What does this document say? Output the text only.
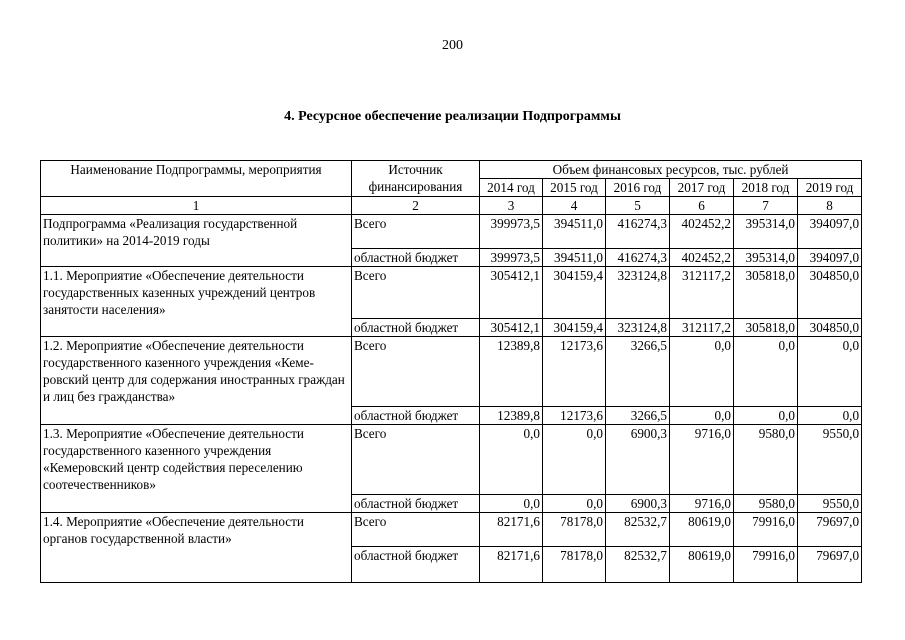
200
4. Ресурсное обеспечение реализации Подпрограммы
Наименование Подпрограммы, мероприятия	Источник финансирования	Объем финансовых ресурсов, тыс. рублей					
		2014 год	2015 год	2016 год	2017 год	2018 год	2019 год
1	2	3	4	5	6	7	8
Подпрограмма «Реализация государственной политики» на 2014-2019 годы	Всего	399973,5	394511,0	416274,3	402452,2	395314,0	394097,0
	областной бюджет	399973,5	394511,0	416274,3	402452,2	395314,0	394097,0
1.1. Мероприятие «Обеспечение деятельности государственных казенных учреждений центров занятости населения»	Всего	305412,1	304159,4	323124,8	312117,2	305818,0	304850,0
	областной бюджет	305412,1	304159,4	323124,8	312117,2	305818,0	304850,0
1.2. Мероприятие «Обеспечение деятельности государственного казенного учреждения «Кеме-ровский центр для содержания иностранных граждан и лиц без гражданства»	Всего	12389,8	12173,6	3266,5	0,0	0,0	0,0
	областной бюджет	12389,8	12173,6	3266,5	0,0	0,0	0,0
1.3. Мероприятие «Обеспечение деятельности государственного казенного учреждения «Кемеровский центр содействия переселению соотечественников»	Всего	0,0	0,0	6900,3	9716,0	9580,0	9550,0
	областной бюджет	0,0	0,0	6900,3	9716,0	9580,0	9550,0
1.4. Мероприятие «Обеспечение деятельности органов государственной власти»	Всего	82171,6	78178,0	82532,7	80619,0	79916,0	79697,0
	областной бюджет	82171,6	78178,0	82532,7	80619,0	79916,0	79697,0
